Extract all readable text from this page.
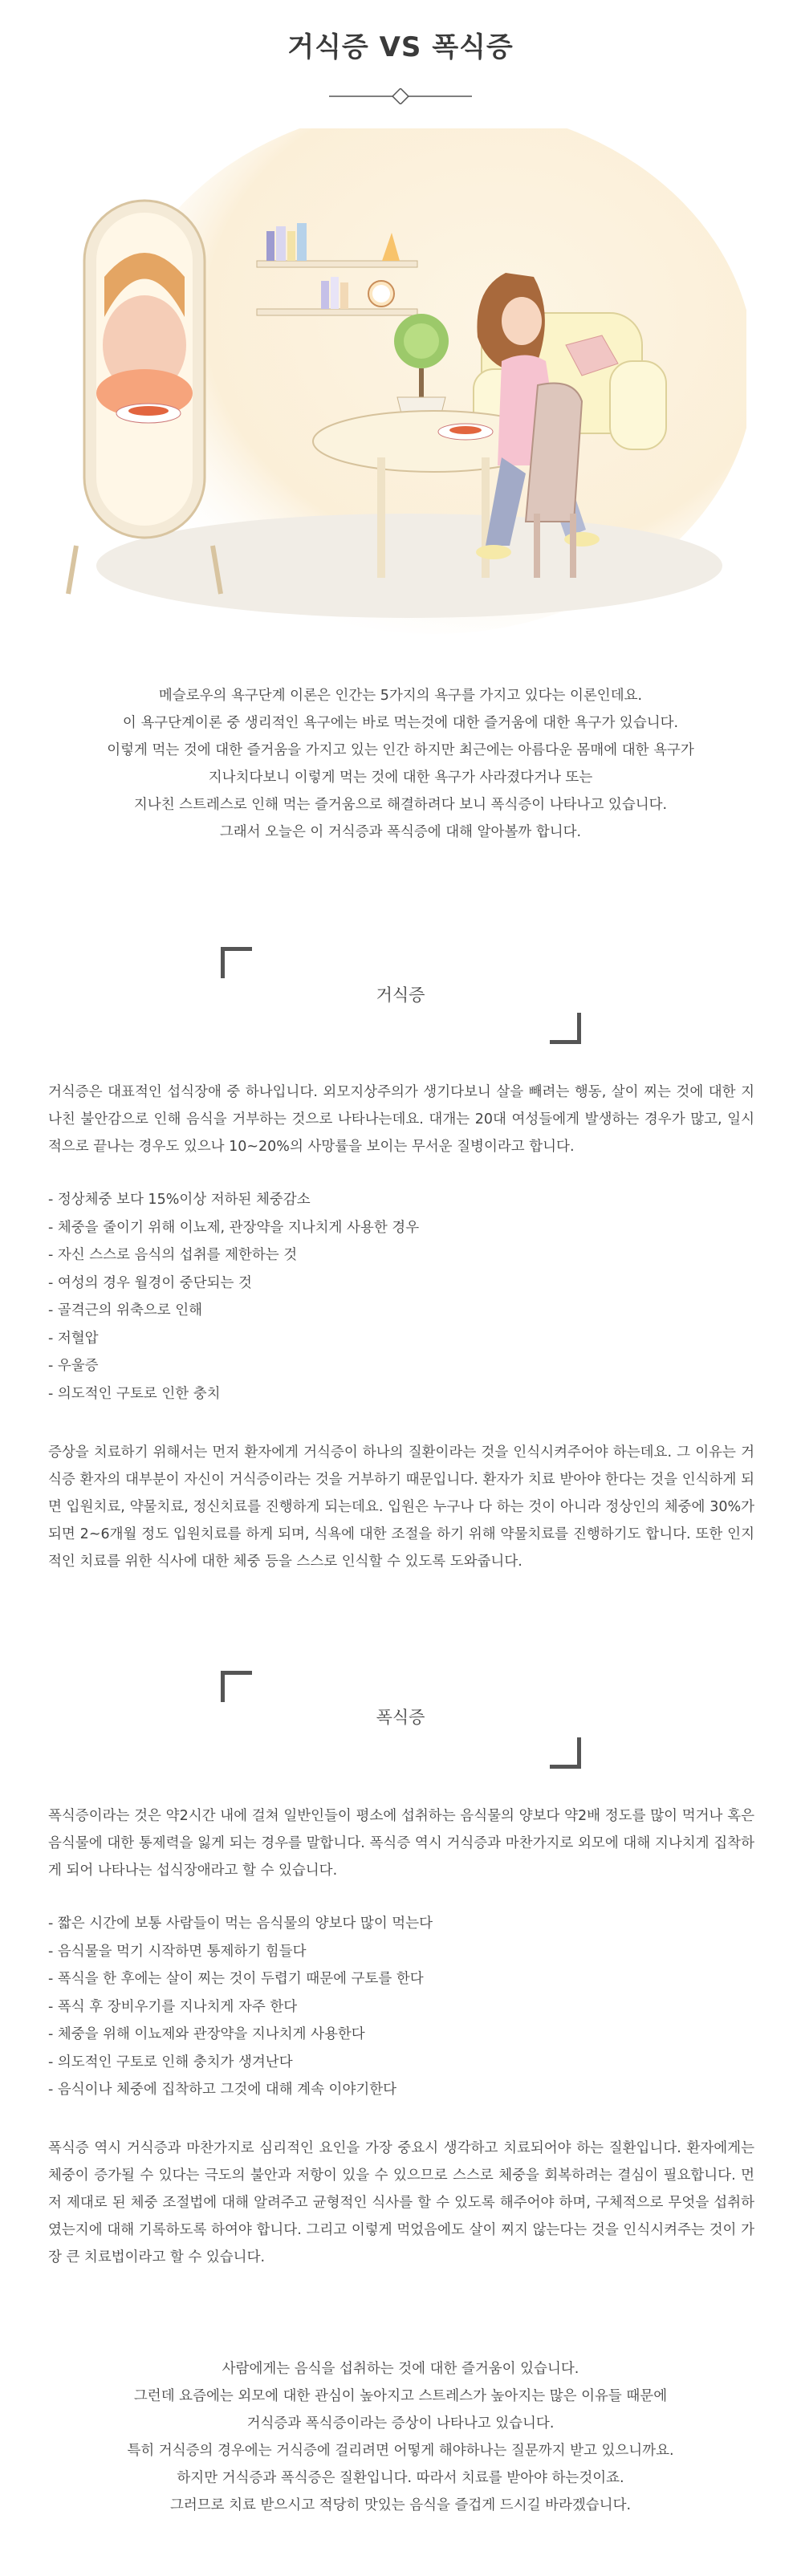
거식증 VS 폭식증

메슬로우의 욕구단계 이론은 인간는 5가지의 욕구를 가지고 있다는 이론인데요.

이 욕구단계이론 중 생리적인 욕구에는 바로 먹는것에 대한 즐거움에 대한 욕구가 있습니다.

이렇게 먹는 것에 대한 즐거움을 가지고 있는 인간 하지만 최근에는 아름다운 몸매에 대한 욕구가

지나치다보니 이렇게 먹는 것에 대한 욕구가 사라졌다거나 또는

지나친 스트레스로 인해 먹는 즐거움으로 해결하려다 보니 폭식증이 나타나고 있습니다.

그래서 오늘은 이 거식증과 폭식증에 대해 알아볼까 합니다.

거식증

거식증은 대표적인 섭식장애 중 하나입니다. 외모지상주의가 생기다보니 살을 빼려는 행동, 살이 찌는 것에 대한 지나친 불안감으로 인해 음식을 거부하는 것으로 나타나는데요. 대개는 20대 여성들에게 발생하는 경우가 많고, 일시적으로 끝나는 경우도 있으나 10~20%의 사망률을 보이는 무서운 질병이라고 합니다.

- 정상체중 보다 15%이상 저하된 체중감소
- 체중을 줄이기 위해 이뇨제, 관장약을 지나치게 사용한 경우
- 자신 스스로 음식의 섭취를 제한하는 것
- 여성의 경우 월경이 중단되는 것
- 골격근의 위축으로 인해
- 저혈압
- 우울증
- 의도적인 구토로 인한 충치

증상을 치료하기 위해서는 먼저 환자에게 거식증이 하나의 질환이라는 것을 인식시켜주어야 하는데요. 그 이유는 거식증 환자의 대부분이 자신이 거식증이라는 것을 거부하기 때문입니다. 환자가 치료 받아야 한다는 것을 인식하게 되면 입원치료, 약물치료, 정신치료를 진행하게 되는데요. 입원은 누구나 다 하는 것이 아니라 정상인의 체중에 30%가 되면 2~6개월 정도 입원치료를 하게 되며, 식욕에 대한 조절을 하기 위해 약물치료를 진행하기도 합니다. 또한 인지적인 치료를 위한 식사에 대한 체중 등을 스스로 인식할 수 있도록 도와줍니다.

폭식증

폭식증이라는 것은 약2시간 내에 걸쳐 일반인들이 평소에 섭취하는 음식물의 양보다 약2배 정도를 많이 먹거나 혹은 음식물에 대한 통제력을 잃게 되는 경우를 말합니다. 폭식증 역시 거식증과 마찬가지로 외모에 대해 지나치게 집착하게 되어 나타나는 섭식장애라고 할 수 있습니다.

- 짧은 시간에 보통 사람들이 먹는 음식물의 양보다 많이 먹는다
- 음식물을 먹기 시작하면 통제하기 힘들다
- 폭식을 한 후에는 살이 찌는 것이 두렵기 때문에 구토를 한다
- 폭식 후 장비우기를 지나치게 자주 한다
- 체중을 위해 이뇨제와 관장약을 지나치게 사용한다
- 의도적인 구토로 인해 충치가 생겨난다
- 음식이나 체중에 집착하고 그것에 대해 계속 이야기한다

폭식증 역시 거식증과 마찬가지로 심리적인 요인을 가장 중요시 생각하고 치료되어야 하는 질환입니다. 환자에게는 체중이 증가될 수 있다는 극도의 불안과 저항이 있을 수 있으므로 스스로 체중을 회복하려는 결심이 필요합니다. 먼저 제대로 된 체중 조절법에 대해 알려주고 균형적인 식사를 할 수 있도록 해주어야 하며, 구체적으로 무엇을 섭취하였는지에 대해 기록하도록 하여야 합니다. 그리고 이렇게 먹었음에도 살이 찌지 않는다는 것을 인식시켜주는 것이 가장 큰 치료법이라고 할 수 있습니다.

사람에게는 음식을 섭취하는 것에 대한 즐거움이 있습니다.

그런데 요즘에는 외모에 대한 관심이 높아지고 스트레스가 높아지는 많은 이유들 때문에

거식증과 폭식증이라는 증상이 나타나고 있습니다.

특히 거식증의 경우에는 거식증에 걸리려면 어떻게 해야하나는 질문까지 받고 있으니까요.

하지만 거식증과 폭식증은 질환입니다. 따라서 치료를 받아야 하는것이죠.

그러므로 치료 받으시고 적당히 맛있는 음식을 즐겁게 드시길 바라겠습니다.
